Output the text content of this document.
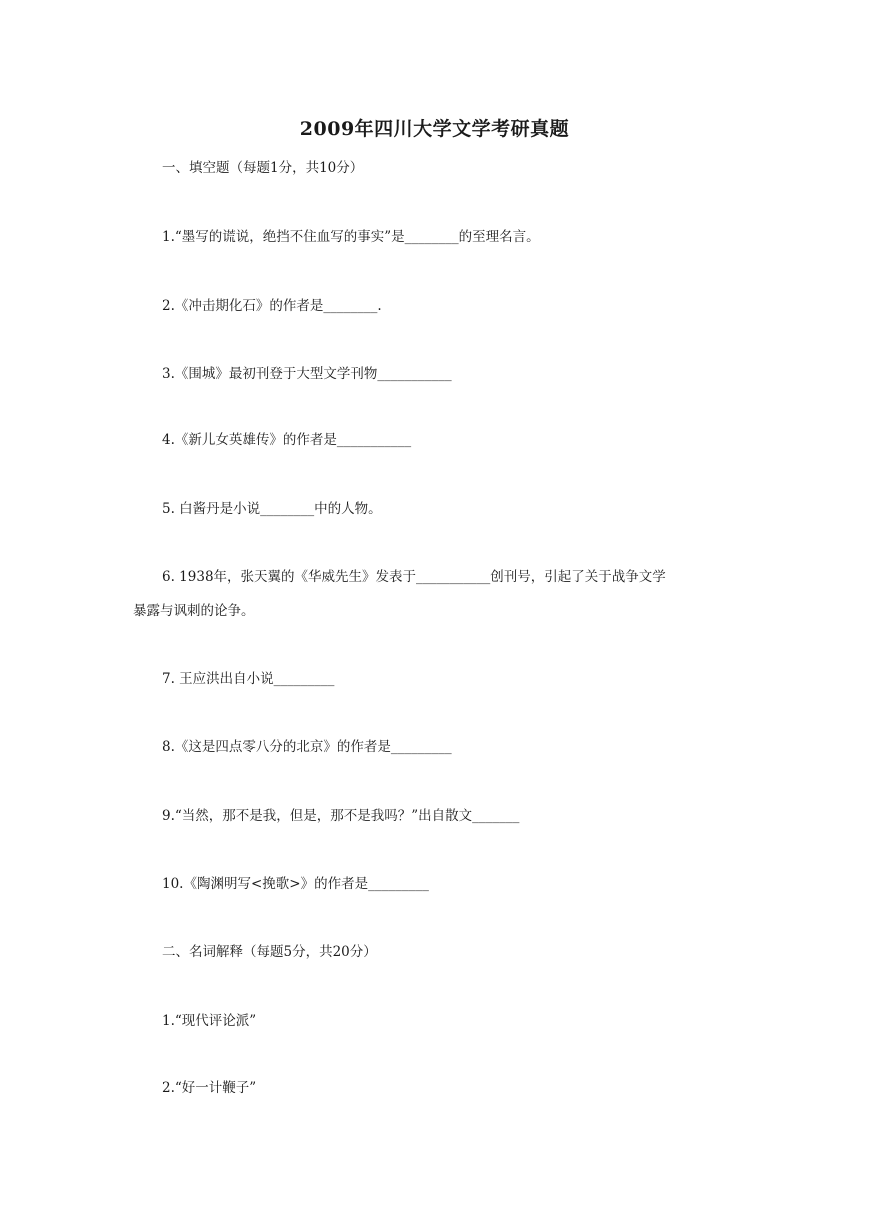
2009年四川大学文学考研真题
一、填空题（每题1分，共10分）
1.“墨写的谎说，绝挡不住血写的事实”是________的至理名言。
2.《冲击期化石》的作者是________.
3.《围城》最初刊登于大型文学刊物___________
4.《新儿女英雄传》的作者是___________
5. 白酱丹是小说________中的人物。
6. 1938年，张天翼的《华威先生》发表于___________创刊号，引起了关于战争文学
暴露与讽刺的论争。
7. 王应洪出自小说_________
8.《这是四点零八分的北京》的作者是_________
9.“当然，那不是我，但是，那不是我吗？”出自散文_______
10.《陶渊明写<挽歌>》的作者是_________
二、名词解释（每题5分，共20分）
1.“现代评论派”
2.“好一计鞭子”
